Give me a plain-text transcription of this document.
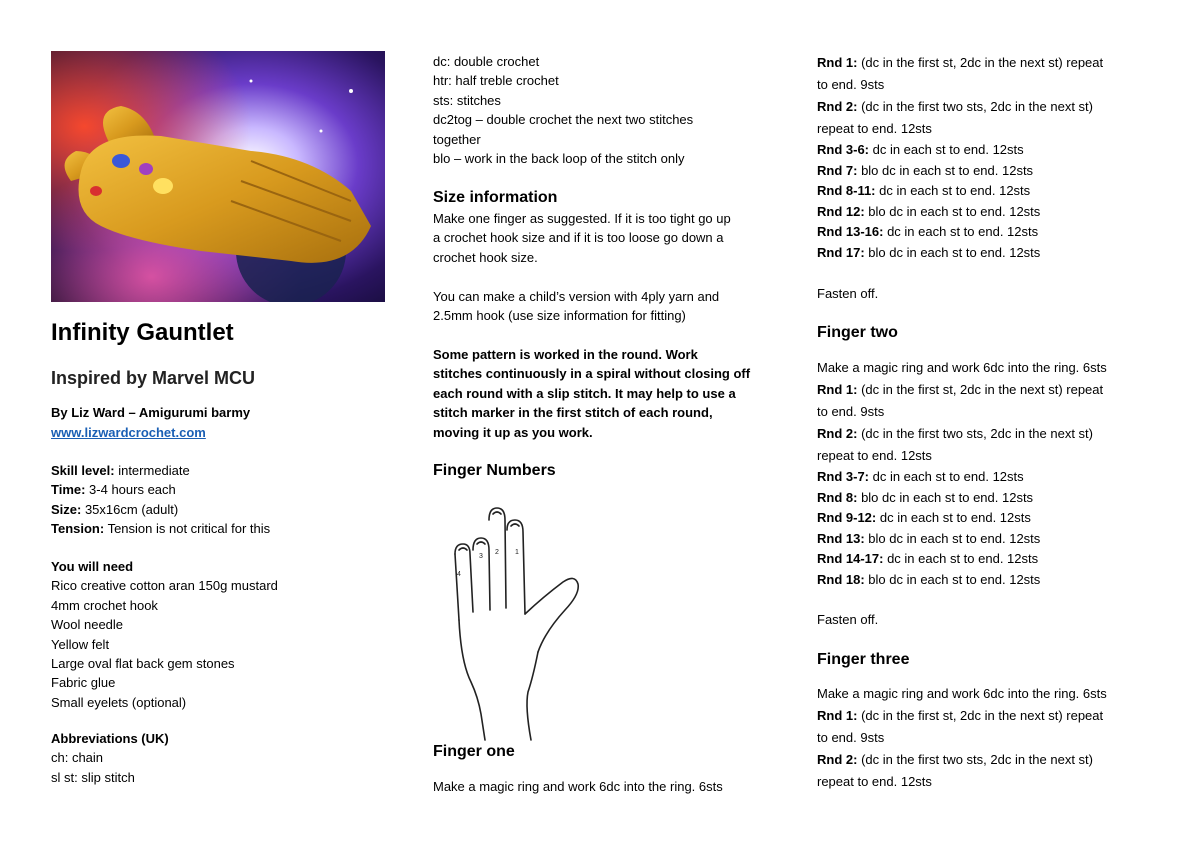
Infinity Gauntlet
Inspired by Marvel MCU
By Liz Ward – Amigurumi barmy
www.lizwardcrochet.com
Skill level: intermediate
Time: 3-4 hours each
Size: 35x16cm (adult)
Tension: Tension is not critical for this
You will need
Rico creative cotton aran 150g mustard
4mm crochet hook
Wool needle
Yellow felt
Large oval flat back gem stones
Fabric glue
Small eyelets (optional)
Abbreviations (UK)
ch: chain
sl st: slip stitch
dc: double crochet
htr: half treble crochet
sts: stitches
dc2tog – double crochet the next two stitches
together
blo – work in the back loop of the stitch only
Size information
Make one finger as suggested. If it is too tight go up
a crochet hook size and if it is too loose go down a
crochet hook size.
You can make a child’s version with 4ply yarn and
2.5mm hook (use size information for fitting)
Some pattern is worked in the round. Work
stitches continuously in a spiral without closing off
each round with a slip stitch. It may help to use a
stitch marker in the first stitch of each round,
moving it up as you work.
Finger Numbers
1
2
3
4
Finger one
Make a magic ring and work 6dc into the ring. 6sts
Rnd 1: (dc in the first st, 2dc in the next st) repeat
to end. 9sts
Rnd 2: (dc in the first two sts, 2dc in the next st)
repeat to end. 12sts
Rnd 3-6: dc in each st to end. 12sts
Rnd 7: blo dc in each st to end. 12sts
Rnd 8-11: dc in each st to end. 12sts
Rnd 12: blo dc in each st to end. 12sts
Rnd 13-16: dc in each st to end. 12sts
Rnd 17: blo dc in each st to end. 12sts
Fasten off.
Finger two
Make a magic ring and work 6dc into the ring. 6sts
Rnd 1: (dc in the first st, 2dc in the next st) repeat
to end. 9sts
Rnd 2: (dc in the first two sts, 2dc in the next st)
repeat to end. 12sts
Rnd 3-7: dc in each st to end. 12sts
Rnd 8: blo dc in each st to end. 12sts
Rnd 9-12: dc in each st to end. 12sts
Rnd 13: blo dc in each st to end. 12sts
Rnd 14-17: dc in each st to end. 12sts
Rnd 18: blo dc in each st to end. 12sts
Fasten off.
Finger three
Make a magic ring and work 6dc into the ring. 6sts
Rnd 1: (dc in the first st, 2dc in the next st) repeat
to end. 9sts
Rnd 2: (dc in the first two sts, 2dc in the next st)
repeat to end. 12sts
